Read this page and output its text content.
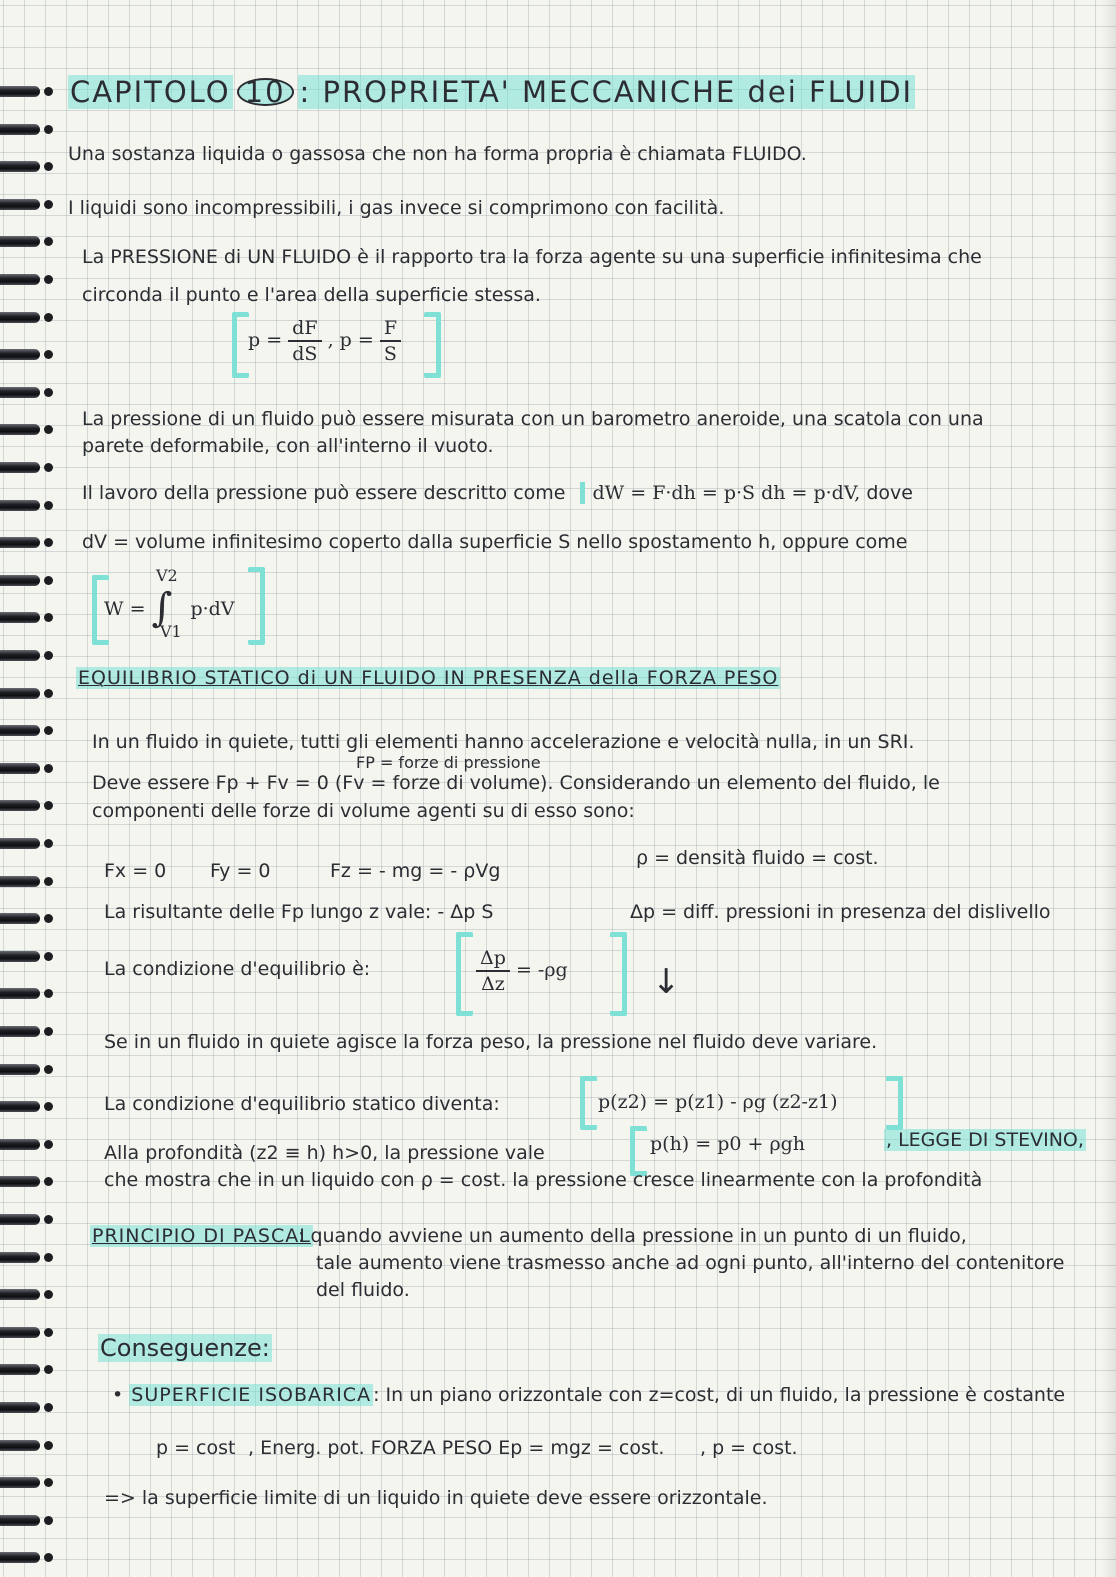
CAPITOLO 10 : PROPRIETA' MECCANICHE dei FLUIDI
Una sostanza liquida o gassosa che non ha forma propria è chiamata FLUIDO.
I liquidi sono incompressibili, i gas invece si comprimono con facilità.
La PRESSIONE di UN FLUIDO è il rapporto tra la forza agente su una superficie infinitesima che
circonda il punto e l'area della superficie stessa.
$p = \frac{dF}{dS}$ , $p = \frac{F}{S}$
La pressione di un fluido può essere misurata con un barometro aneroide, una scatola con una
parete deformabile, con all'interno il vuoto.
Il lavoro della pressione può essere descritto come dW = F·dh = p·S dh = p·dV, dove
dV = volume infinitesimo coperto dalla superficie S nello spostamento h, oppure come
W = ∫
V2
V1
p·dV
EQUILIBRIO STATICO di UN FLUIDO IN PRESENZA della FORZA PESO
In un fluido in quiete, tutti gli elementi hanno accelerazione e velocità nulla, in un SRI.
FP = forze di pressione
Deve essere Fp + Fv = 0 (Fv = forze di volume). Considerando un elemento del fluido, le
componenti delle forze di volume agenti su di esso sono:
Fx = 0 Fy = 0	Fz = - mg = - ρVg
ρ = densità fluido = cost.
La risultante delle Fp lungo z vale: - Δp S	Δp = diff. pressioni in presenza del dislivello
La condizione d'equilibrio è:	$\frac{\Delta p}{\Delta z} = -\rho g$ ↓
Se in un fluido in quiete agisce la forza peso, la pressione nel fluido deve variare.
La condizione d'equilibrio statico diventa:	p(z2) = p(z1) - ρg (z2-z1)
Alla profondità (z2 ≡ h) h>0, la pressione vale	p(h) = p0 + ρgh	, LEGGE DI STEVINO,
che mostra che in un liquido con ρ = cost. la pressione cresce linearmente con la profondità
PRINCIPIO DI PASCAL
: quando avviene un aumento della pressione in un punto di un fluido,
tale aumento viene trasmesso anche ad ogni punto, all'interno del contenitore
del fluido.
Conseguenze:
• SUPERFICIE ISOBARICA : In un piano orizzontale con z=cost, di un fluido, la pressione è costante
p = cost , Energ. pot. FORZA PESO Ep = mgz = cost. , p = cost.
=> la superficie limite di un liquido in quiete deve essere orizzontale.
